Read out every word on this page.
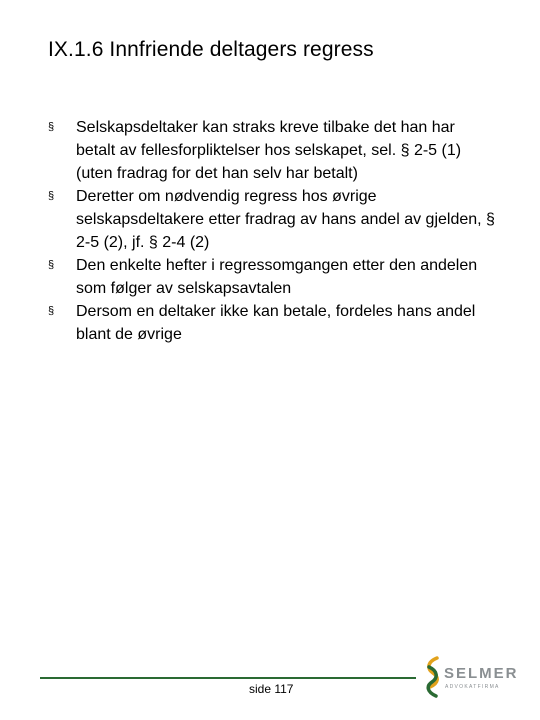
IX.1.6 Innfriende deltagers regress
§	Selskapsdeltaker kan straks kreve tilbake det han har betalt av fellesforpliktelser hos selskapet, sel. § 2-5 (1) (uten fradrag for det han selv har betalt)
§	Deretter om nødvendig regress hos øvrige selskapsdeltakere etter fradrag av hans andel av gjelden, § 2-5 (2), jf. § 2-4 (2)
§	Den enkelte hefter i regressomgangen etter den andelen som følger av selskapsavtalen
§	Dersom en deltaker ikke kan betale, fordeles hans andel blant de øvrige
side 117
SELMER
ADVOKATFIRMA
